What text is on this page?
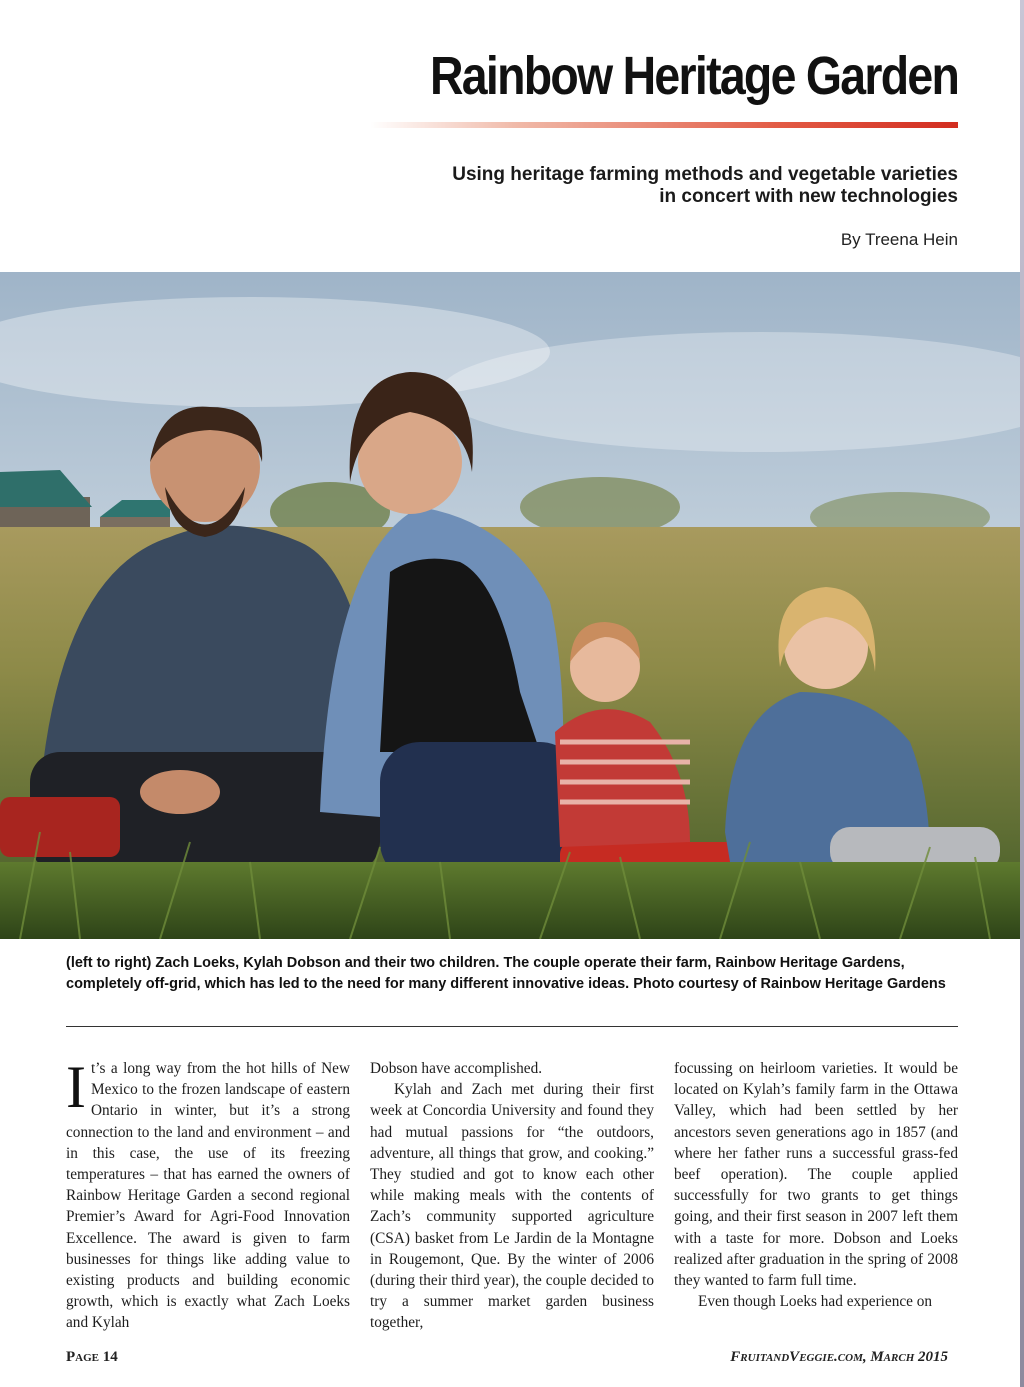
Rainbow Heritage Garden
Using heritage farming methods and vegetable varieties
in concert with new technologies
By Treena Hein
(left to right) Zach Loeks, Kylah Dobson and their two children. The couple operate their farm, Rainbow Heritage Gardens, completely off-grid, which has led to the need for many different innovative ideas. Photo courtesy of Rainbow Heritage Gardens

It’s a long way from the hot hills of New Mexico to the frozen landscape of eastern Ontario in winter, but it’s a strong connection to the land and environment – and in this case, the use of its freezing temperatures – that has earned the owners of Rainbow Heritage Garden a second regional Premier’s Award for Agri-Food Innovation Excellence. The award is given to farm businesses for things like adding value to existing products and building economic growth, which is exactly what Zach Loeks and Kylah

Dobson have accomplished.

Kylah and Zach met during their first week at Concordia University and found they had mutual passions for “the outdoors, adventure, all things that grow, and cooking.” They studied and got to know each other while making meals with the contents of Zach’s community supported agriculture (CSA) basket from Le Jardin de la Montagne in Rougemont, Que. By the winter of 2006 (during their third year), the couple decided to try a summer market garden business together,

focussing on heirloom varieties. It would be located on Kylah’s family farm in the Ottawa Valley, which had been settled by her ancestors seven generations ago in 1857 (and where her father runs a successful grass-fed beef operation). The couple applied successfully for two grants to get things going, and their first season in 2007 left them with a taste for more. Dobson and Loeks realized after graduation in the spring of 2008 they wanted to farm full time.

Even though Loeks had experience on

Page 14	FruitandVeggie.com, March 2015
